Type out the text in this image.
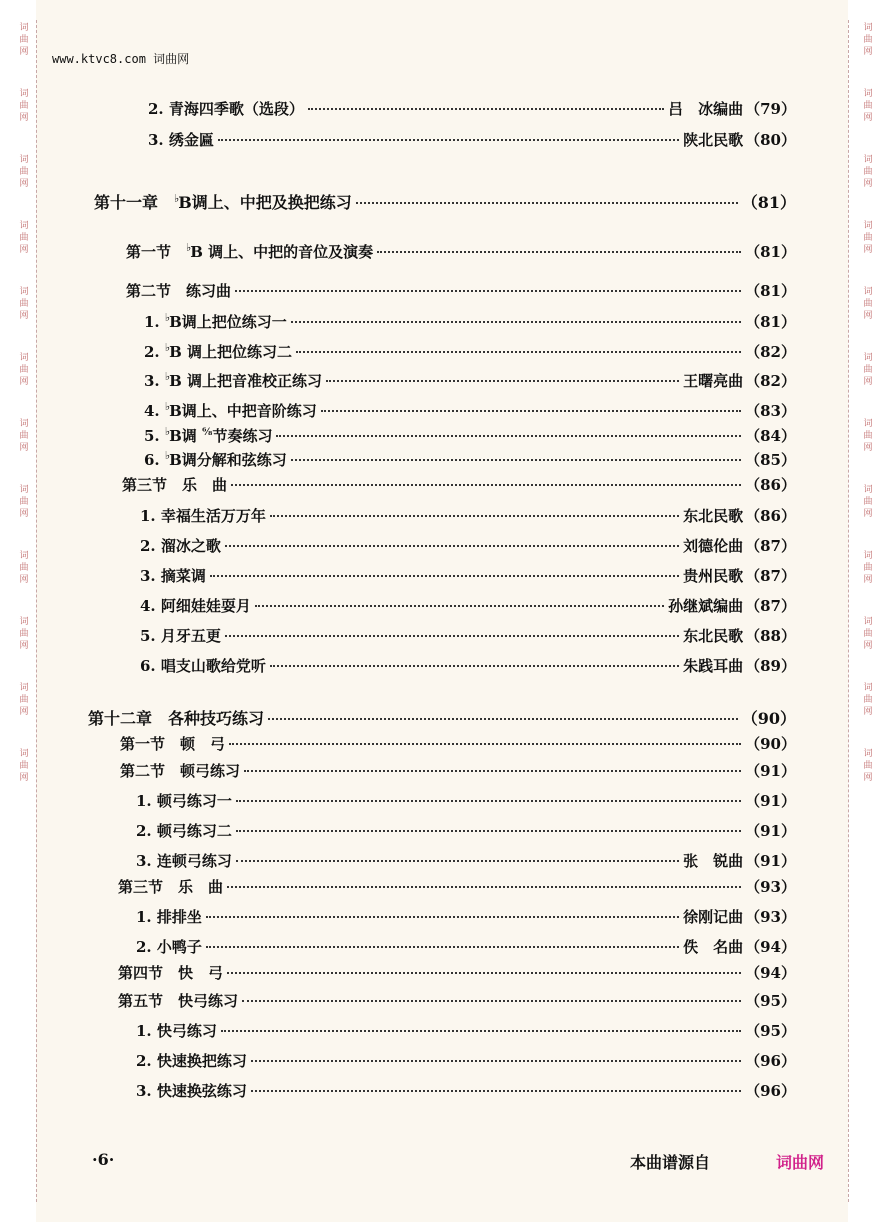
词
曲
网
词
曲
网
词
曲
网
词
曲
网
词
曲
网
词
曲
网
词
曲
网
词
曲
网
词
曲
网
词
曲
网
词
曲
网
词
曲
网
词
曲
网
词
曲
网
词
曲
网
词
曲
网
词
曲
网
词
曲
网
词
曲
网
词
曲
网
词
曲
网
词
曲
网
词
曲
网
词
曲
网
www.ktvc8.com 词曲网
2. 青海四季歌（选段）	吕　冰编曲 （79）
3. 绣金匾	陕北民歌 （80）
第十一章　♭B调上、中把及换把练习	（81）
第一节　♭B 调上、中把的音位及演奏	（81）
第二节　练习曲	（81）
1. ♭B调上把位练习一	（81）
2. ♭B 调上把位练习二	（82）
3. ♭B 调上把音准校正练习	王曙亮曲 （82）
4. ♭B调上、中把音阶练习	（83）
5. ♭B调 $^{^6⁄_8}$节奏练习	（84）
6. ♭B调分解和弦练习	（85）
第三节　乐　曲	（86）
1. 幸福生活万万年	东北民歌 （86）
2. 溜冰之歌	刘德伦曲 （87）
3. 摘菜调	贵州民歌 （87）
4. 阿细娃娃耍月	孙继斌编曲 （87）
5. 月牙五更	东北民歌 （88）
6. 唱支山歌给党听	朱践耳曲 （89）
第十二章　各种技巧练习	（90）
第一节　顿　弓	（90）
第二节　顿弓练习	（91）
1. 顿弓练习一	（91）
2. 顿弓练习二	（91）
3. 连顿弓练习	张　锐曲 （91）
第三节　乐　曲	（93）
1. 排排坐	徐刚记曲 （93）
2. 小鸭子	佚　名曲 （94）
第四节　快　弓	（94）
第五节　快弓练习	（95）
1. 快弓练习	（95）
2. 快速换把练习	（96）
3. 快速换弦练习	（96）
·6·	本曲谱源自	词曲网
